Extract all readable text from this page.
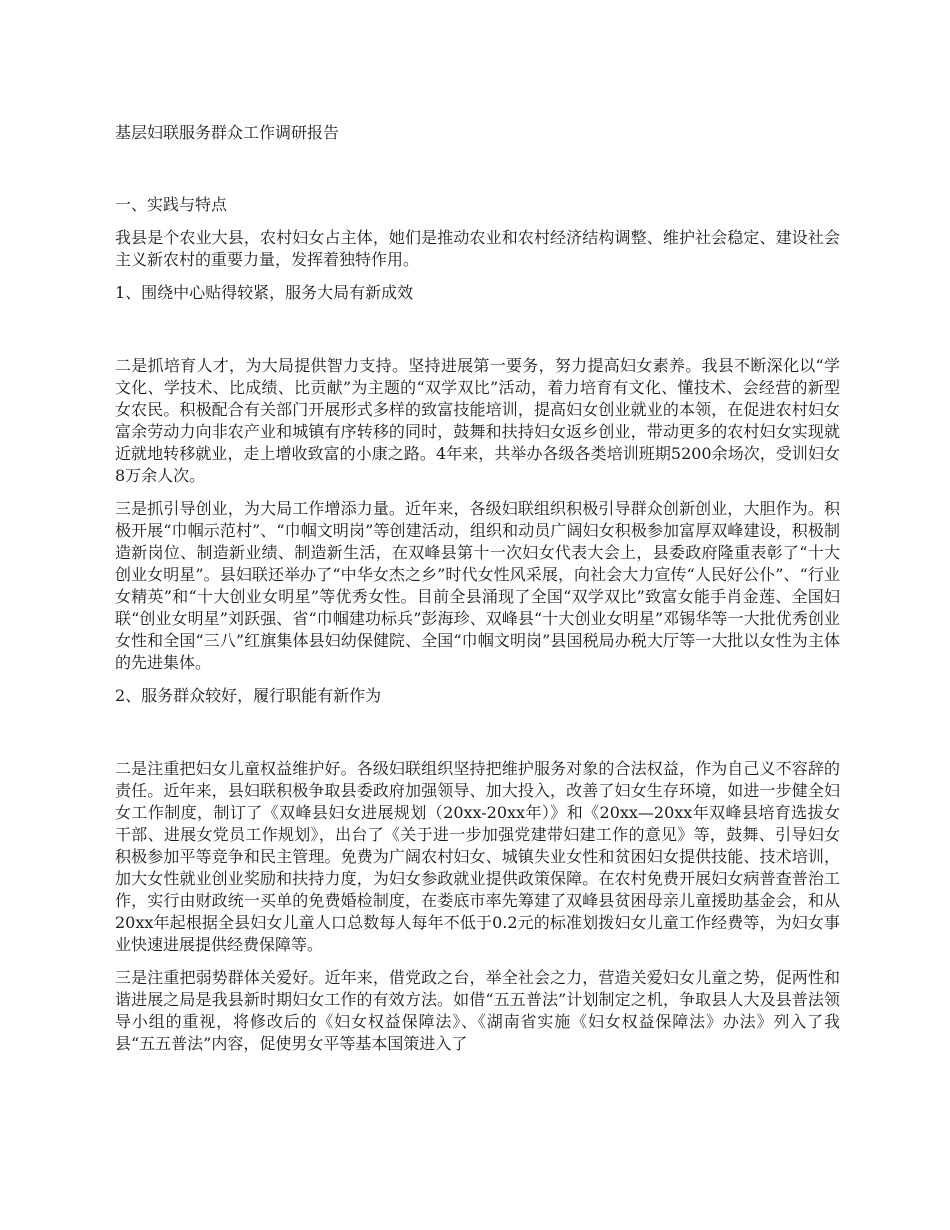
基层妇联服务群众工作调研报告
一、实践与特点

我县是个农业大县，农村妇女占主体，她们是推动农业和农村经济结构调整、维护社会稳定、建设社会主义新农村的重要力量，发挥着独特作用。

1、围绕中心贴得较紧，服务大局有新成效

二是抓培育人才，为大局提供智力支持。坚持进展第一要务，努力提高妇女素养。我县不断深化以“学文化、学技术、比成绩、比贡献”为主题的“双学双比”活动，着力培育有文化、懂技术、会经营的新型女农民。积极配合有关部门开展形式多样的致富技能培训，提高妇女创业就业的本领，在促进农村妇女富余劳动力向非农产业和城镇有序转移的同时，鼓舞和扶持妇女返乡创业，带动更多的农村妇女实现就近就地转移就业，走上增收致富的小康之路。4年来，共举办各级各类培训班期5200余场次，受训妇女8万余人次。

三是抓引导创业，为大局工作增添力量。近年来，各级妇联组织积极引导群众创新创业，大胆作为。积极开展“巾帼示范村”、“巾帼文明岗”等创建活动，组织和动员广阔妇女积极参加富厚双峰建设，积极制造新岗位、制造新业绩、制造新生活，在双峰县第十一次妇女代表大会上，县委政府隆重表彰了“十大创业女明星”。县妇联还举办了“中华女杰之乡”时代女性风采展，向社会大力宣传“人民好公仆”、“行业女精英”和“十大创业女明星”等优秀女性。目前全县涌现了全国“双学双比”致富女能手肖金莲、全国妇联“创业女明星”刘跃强、省“巾帼建功标兵”彭海珍、双峰县“十大创业女明星”邓锡华等一大批优秀创业女性和全国“三八”红旗集体县妇幼保健院、全国“巾帼文明岗”县国税局办税大厅等一大批以女性为主体的先进集体。

2、服务群众较好，履行职能有新作为

二是注重把妇女儿童权益维护好。各级妇联组织坚持把维护服务对象的合法权益，作为自己义不容辞的责任。近年来，县妇联积极争取县委政府加强领导、加大投入，改善了妇女生存环境，如进一步健全妇女工作制度，制订了《双峰县妇女进展规划（20xx-20xx年）》和《20xx—20xx年双峰县培育选拔女干部、进展女党员工作规划》，出台了《关于进一步加强党建带妇建工作的意见》等，鼓舞、引导妇女积极参加平等竞争和民主管理。免费为广阔农村妇女、城镇失业女性和贫困妇女提供技能、技术培训，加大女性就业创业奖励和扶持力度，为妇女参政就业提供政策保障。在农村免费开展妇女病普查普治工作，实行由财政统一买单的免费婚检制度，在娄底市率先筹建了双峰县贫困母亲儿童援助基金会，和从20xx年起根据全县妇女儿童人口总数每人每年不低于0.2元的标准划拨妇女儿童工作经费等，为妇女事业快速进展提供经费保障等。

三是注重把弱势群体关爱好。近年来，借党政之台，举全社会之力，营造关爱妇女儿童之势，促两性和谐进展之局是我县新时期妇女工作的有效方法。如借“五五普法”计划制定之机，争取县人大及县普法领导小组的重视，将修改后的《妇女权益保障法》、《湖南省实施《妇女权益保障法》办法》列入了我县“五五普法”内容，促使男女平等基本国策进入了
